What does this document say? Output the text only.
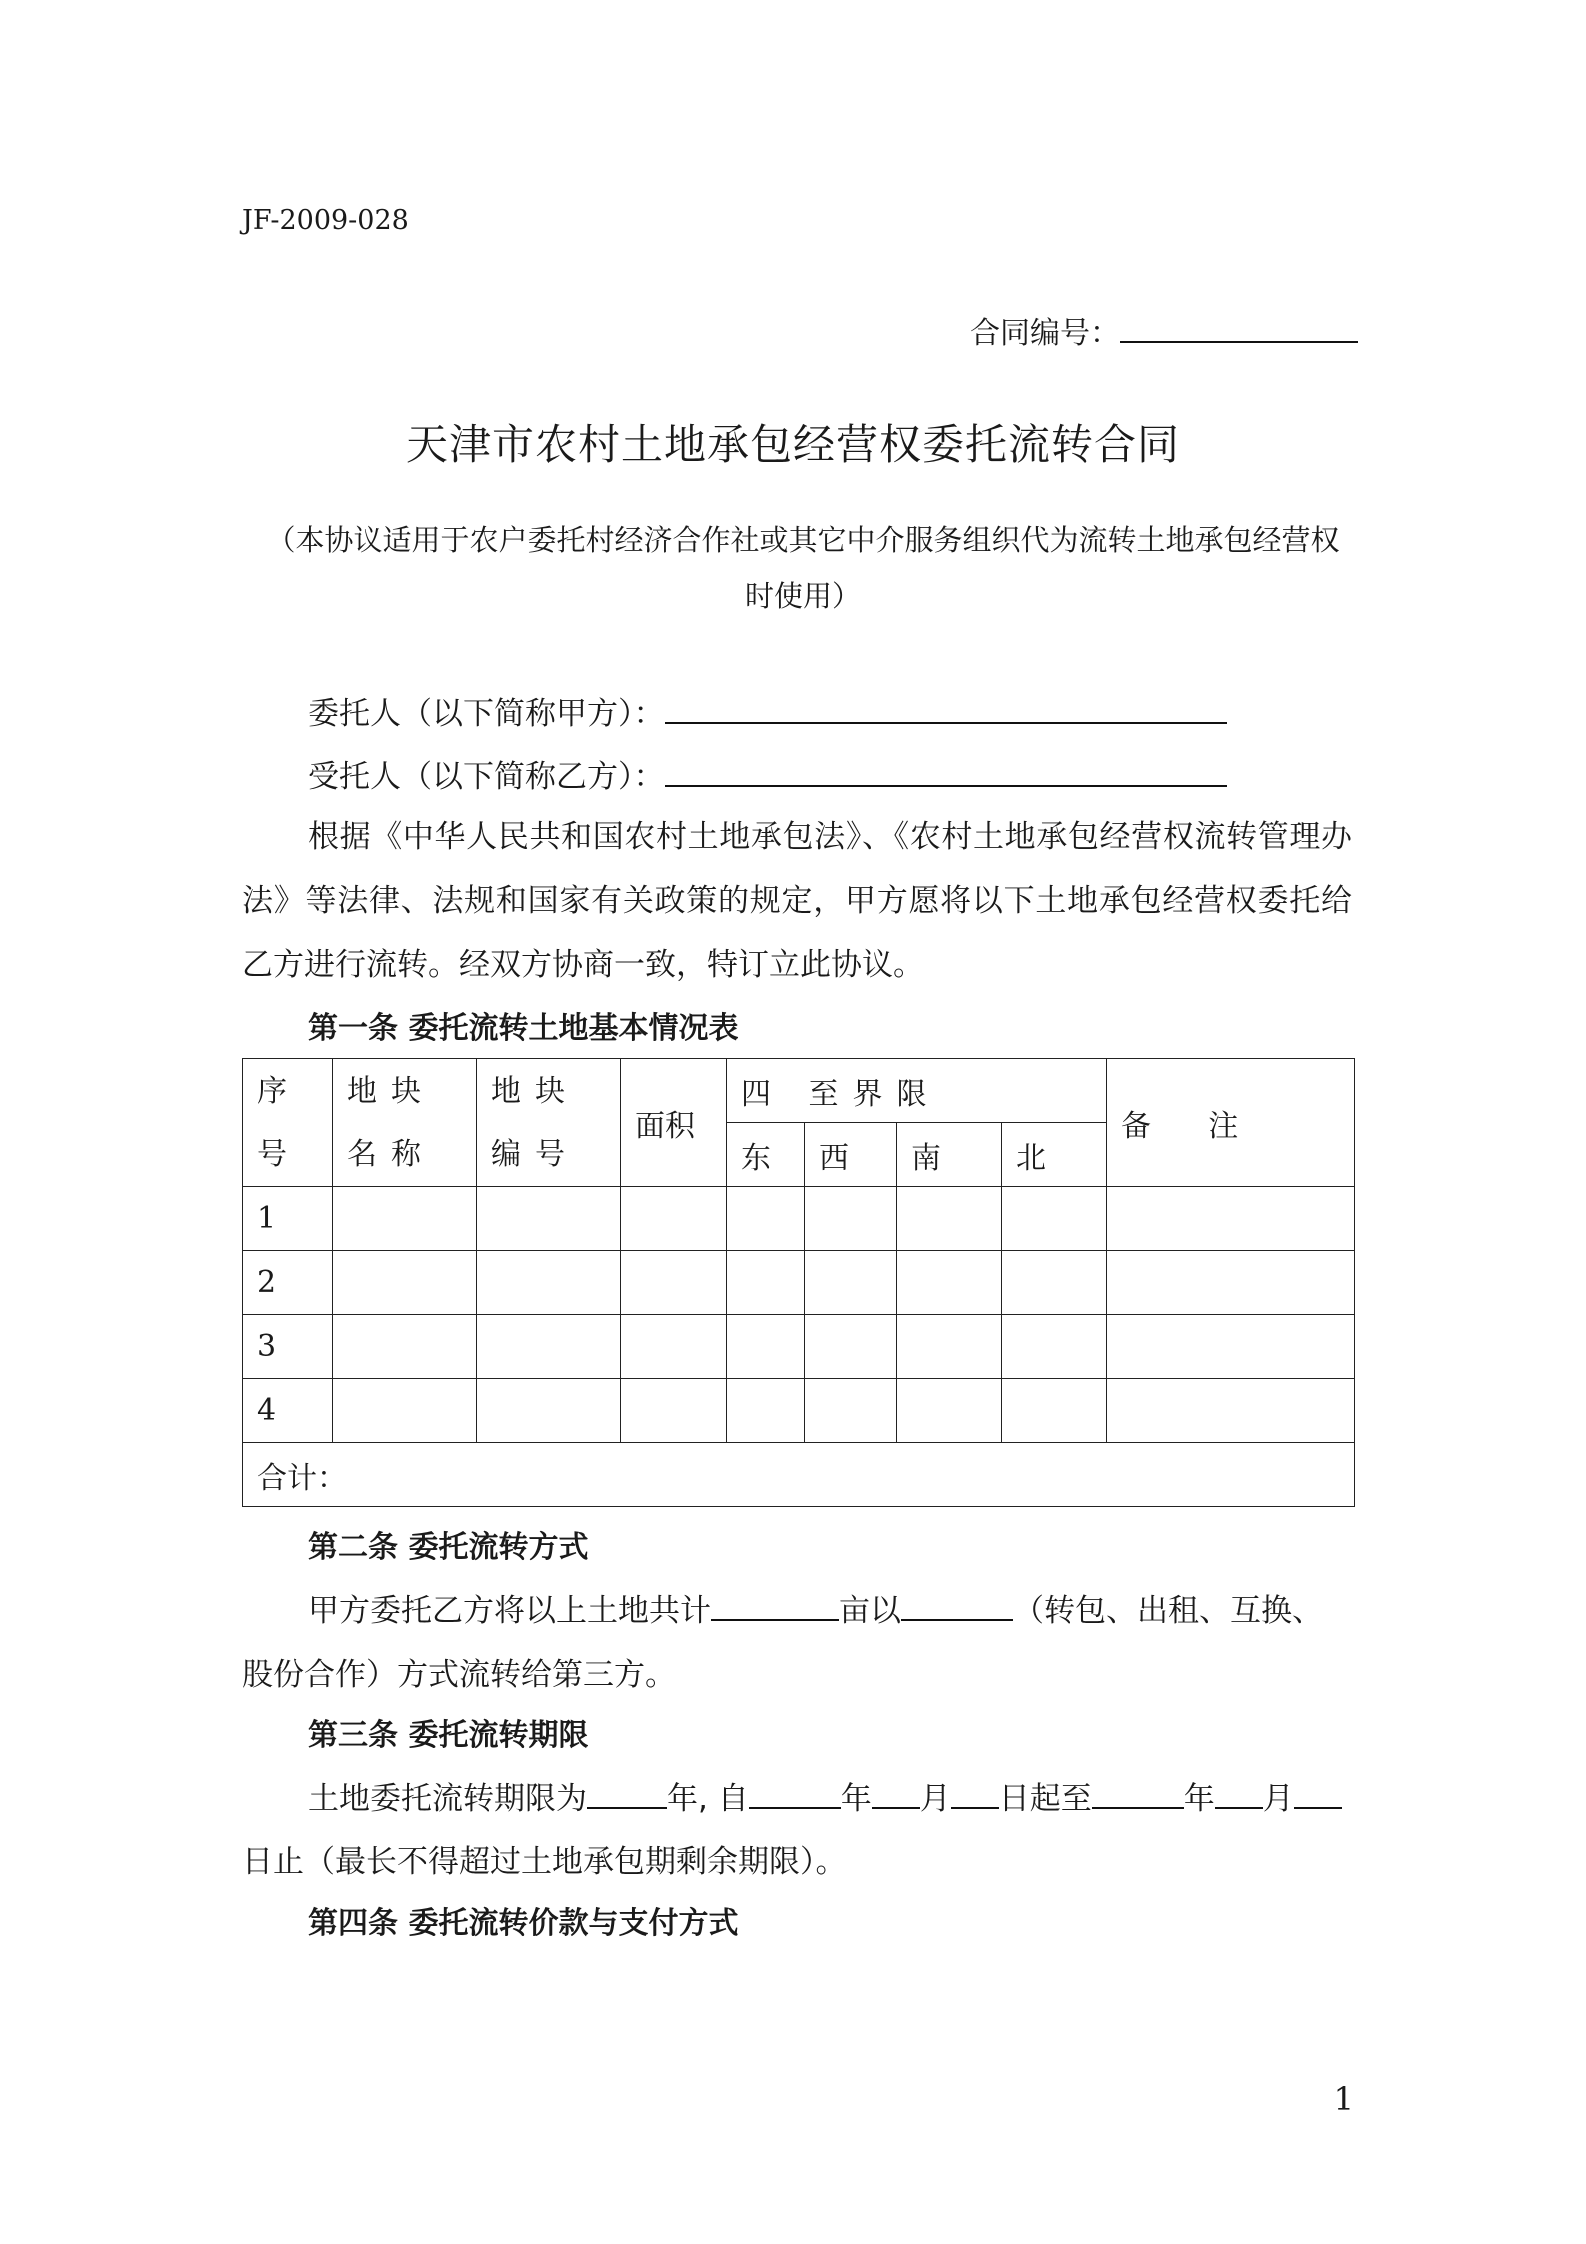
JF-2009-028
合同编号：
天津市农村土地承包经营权委托流转合同
（本协议适用于农户委托村经济合作社或其它中介服务组织代为流转土地承包经营权
时使用）
委托人（以下简称甲方）：
受托人（以下简称乙方）：
根据《中华人民共和国农村土地承包法》、《农村土地承包经营权流转管理办法》等法律、法规和国家有关政策的规定，甲方愿将以下土地承包经营权委托给乙方进行流转。经双方协商一致，特订立此协议。
第一条 委托流转土地基本情况表
序号	地块名称	地块编号	面积	四 至界限				备      注
				东	西	南	北	
1								
2								
3								
4								
合计：								
第二条 委托流转方式
甲方委托乙方将以上土地共计	亩以	（转包、出租、互换、
股份合作）方式流转给第三方。
第三条 委托流转期限
土地委托流转期限为	年, 自	年 月 日起至	年 月
日止（最长不得超过土地承包期剩余期限）。
第四条 委托流转价款与支付方式
1
